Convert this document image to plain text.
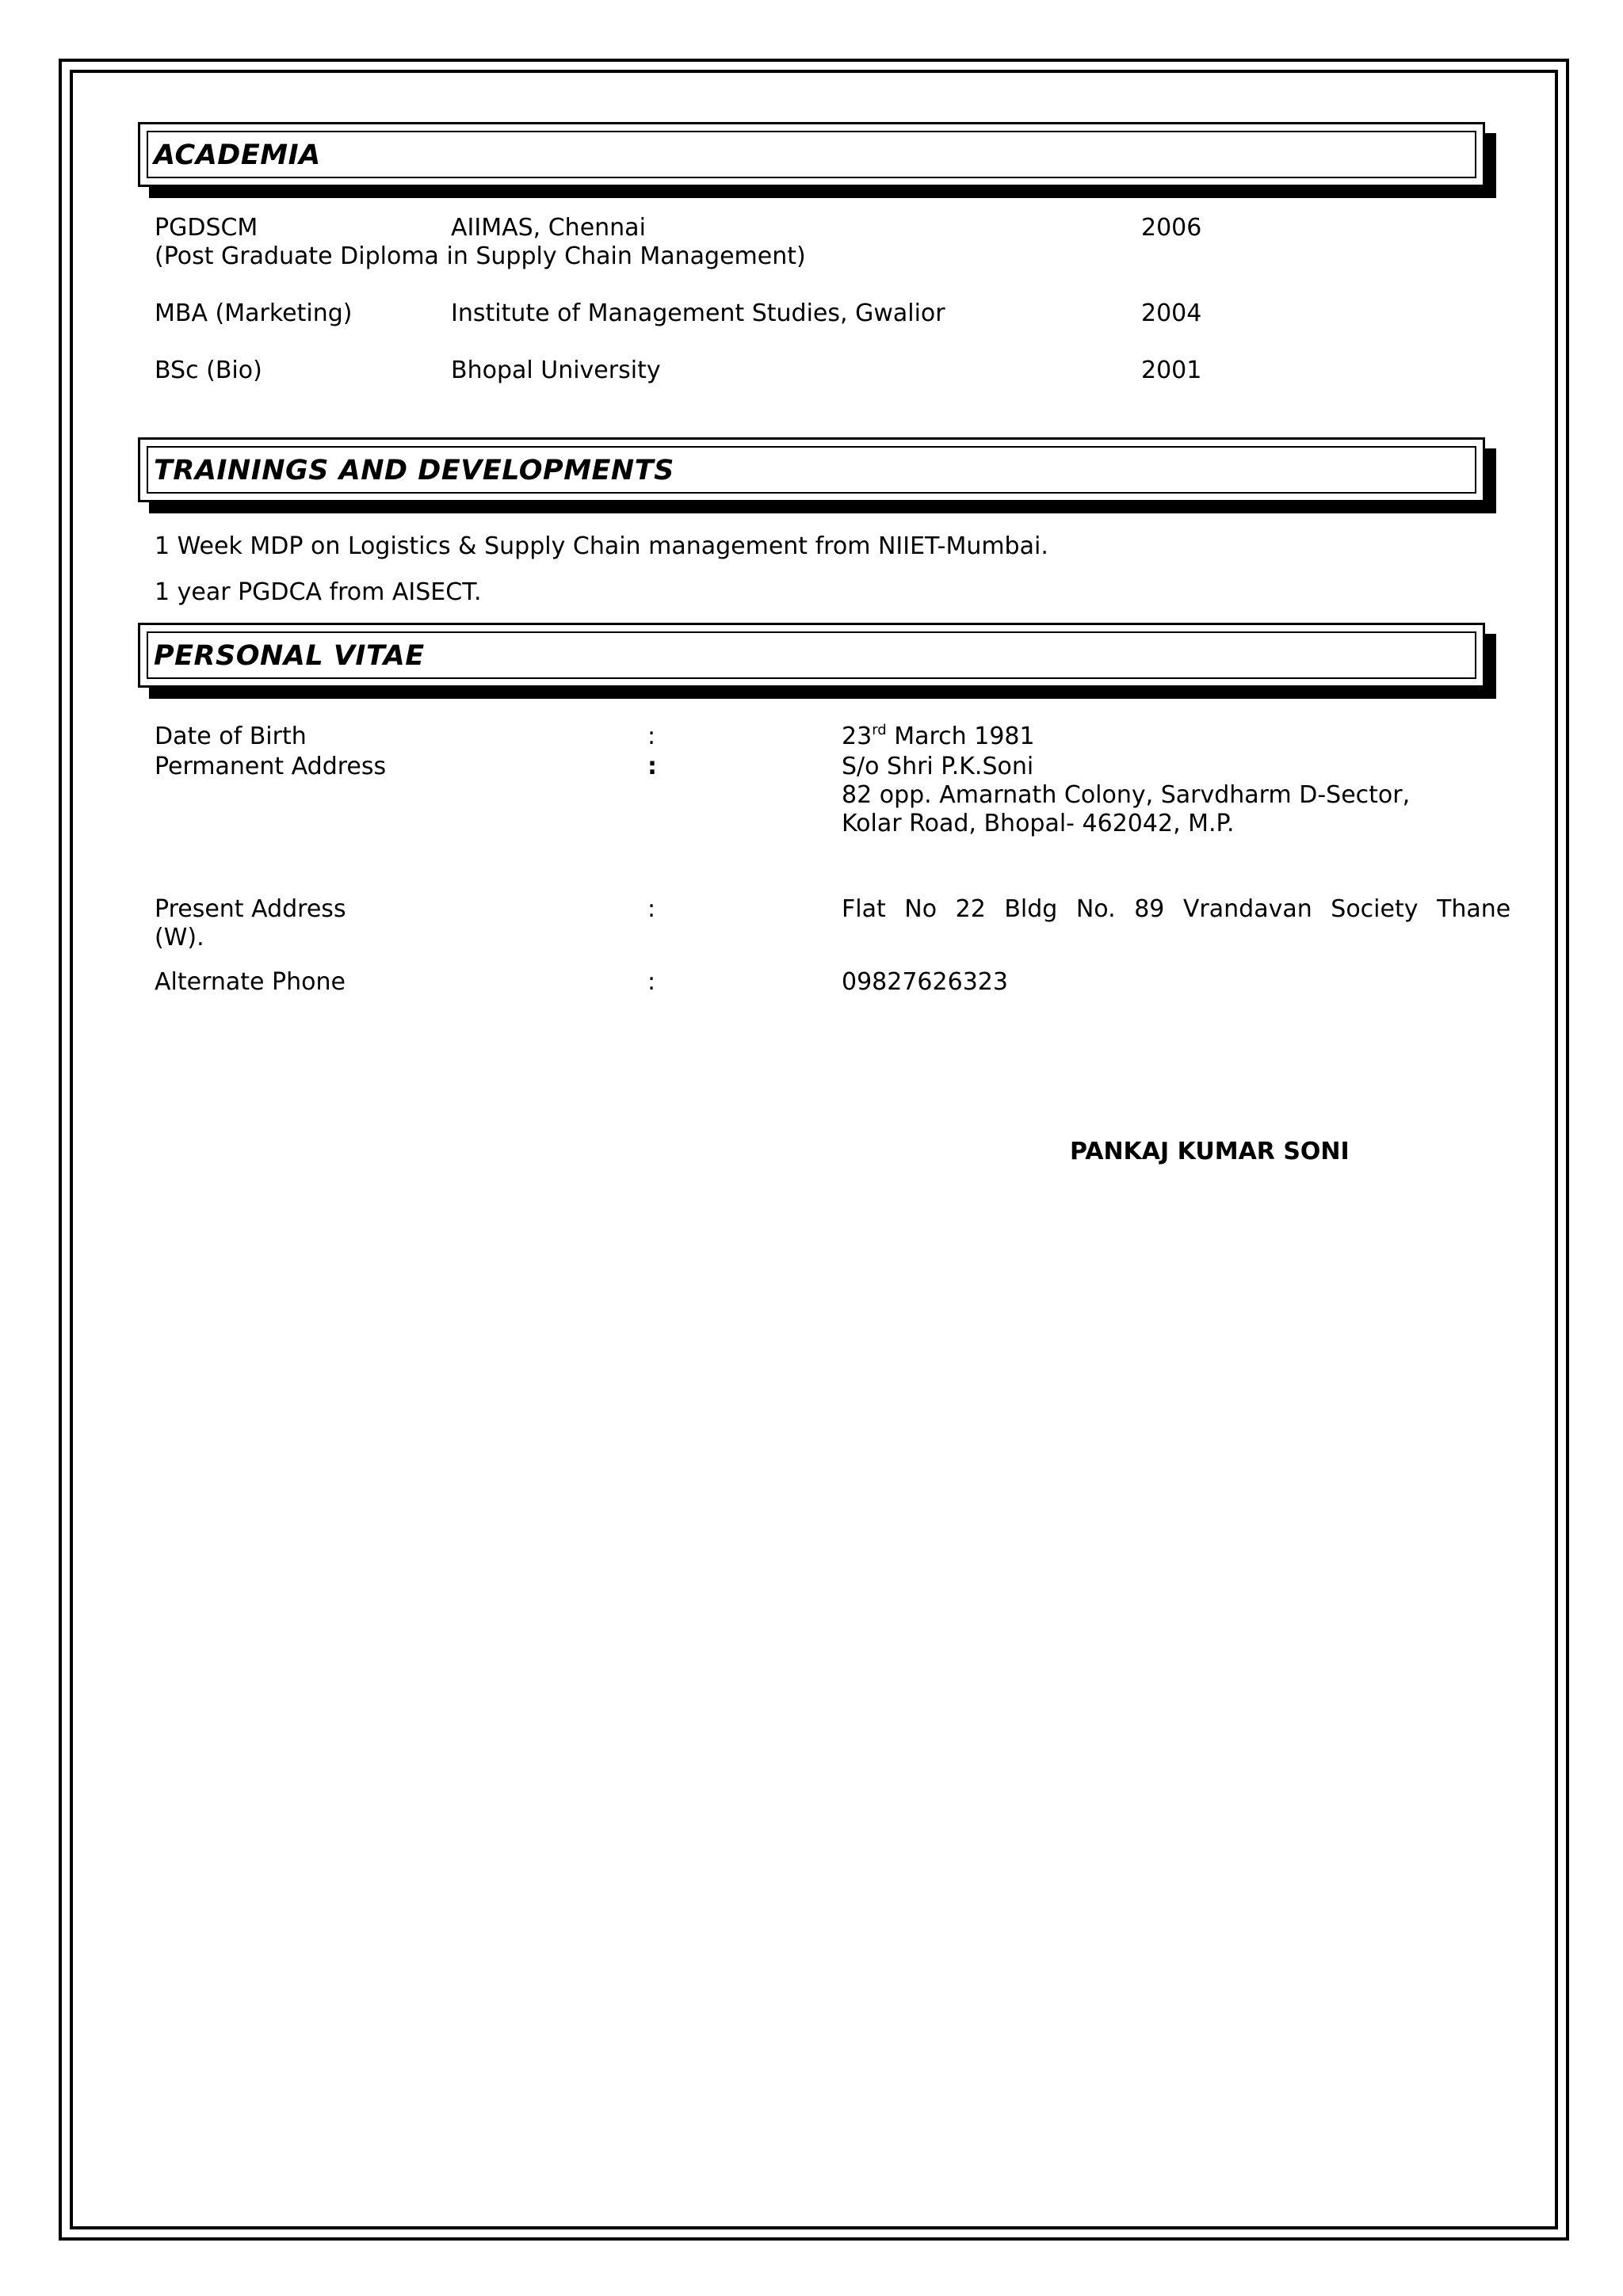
ACADEMIA
PGDSCM	AIIMAS, Chennai	2006
(Post Graduate Diploma in Supply Chain Management)
MBA (Marketing)	Institute of Management Studies, Gwalior	2004
BSc (Bio)	Bhopal University	2001
TRAININGS AND DEVELOPMENTS
1 Week MDP on Logistics & Supply Chain management from NIIET-Mumbai.
1 year PGDCA from AISECT.
PERSONAL VITAE
Date of Birth	:	23rd March 1981
Permanent Address	:	S/o Shri P.K.Soni
82 opp. Amarnath Colony, Sarvdharm D-Sector,
Kolar Road, Bhopal- 462042, M.P.
Present Address	:	Flat No 22 Bldg No. 89 Vrandavan Society Thane
(W).
Alternate Phone	:	09827626323
PANKAJ KUMAR SONI
